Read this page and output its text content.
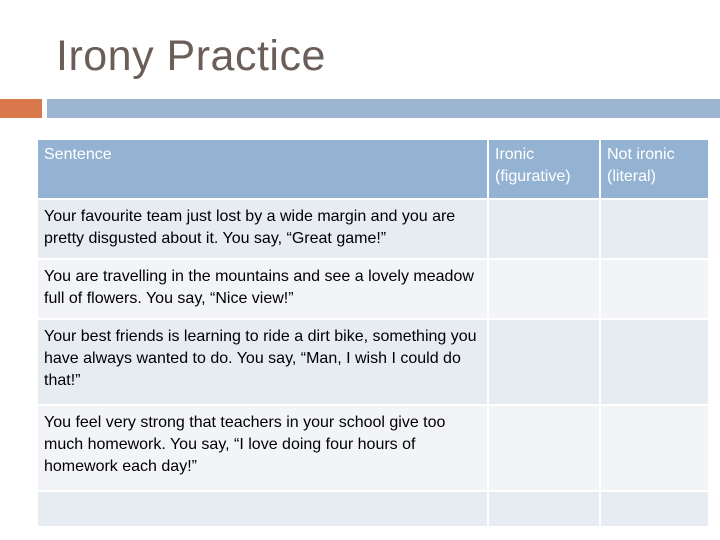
Irony Practice
Sentence	Ironic (figurative)	Not ironic (literal)
Your favourite team just lost by a wide margin and you are pretty disgusted about it. You say, “Great game!”		
You are travelling in the mountains and see a lovely meadow full of flowers. You say, “Nice view!”		
Your best friends is learning to ride a dirt bike, something you have always wanted to do. You say, “Man, I wish I could do that!”		
You feel very strong that teachers in your school give too much homework. You say, “I love doing four hours of homework each day!”		
